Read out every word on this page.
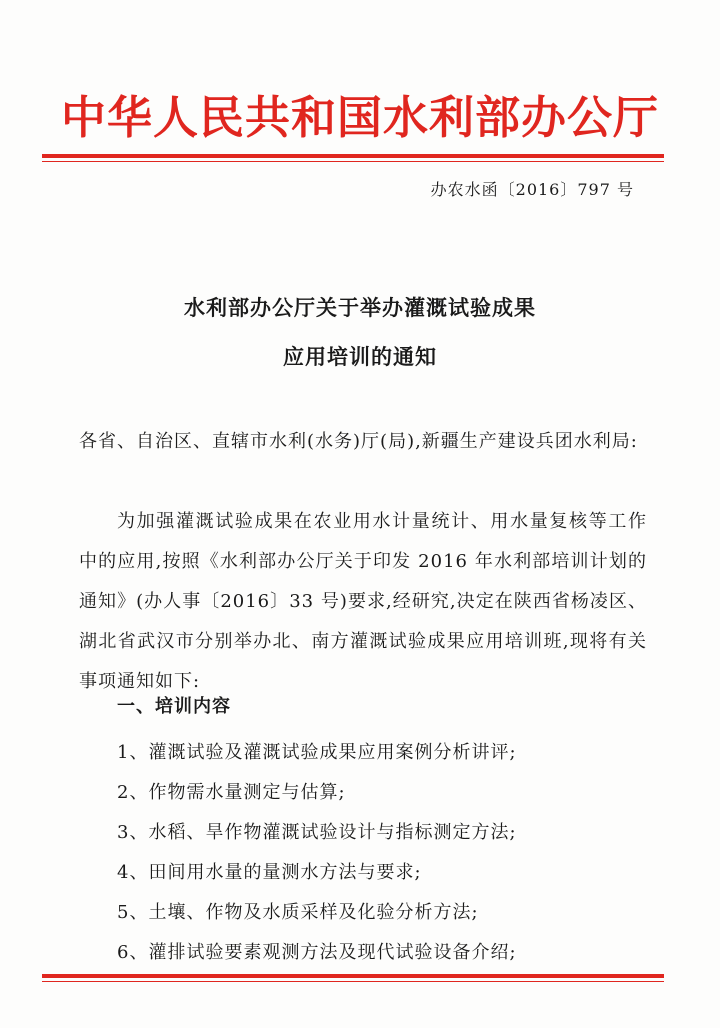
中华人民共和国水利部办公厅
办农水函〔2016〕797 号
水利部办公厅关于举办灌溉试验成果
应用培训的通知
各省、自治区、直辖市水利(水务)厅(局),新疆生产建设兵团水利局:
为加强灌溉试验成果在农业用水计量统计、用水量复核等工作中的应用,按照《水利部办公厅关于印发 2016 年水利部培训计划的通知》(办人事〔2016〕33 号)要求,经研究,决定在陕西省杨凌区、湖北省武汉市分别举办北、南方灌溉试验成果应用培训班,现将有关事项通知如下:
一、培训内容
1、灌溉试验及灌溉试验成果应用案例分析讲评;
2、作物需水量测定与估算;
3、水稻、旱作物灌溉试验设计与指标测定方法;
4、田间用水量的量测水方法与要求;
5、土壤、作物及水质采样及化验分析方法;
6、灌排试验要素观测方法及现代试验设备介绍;
